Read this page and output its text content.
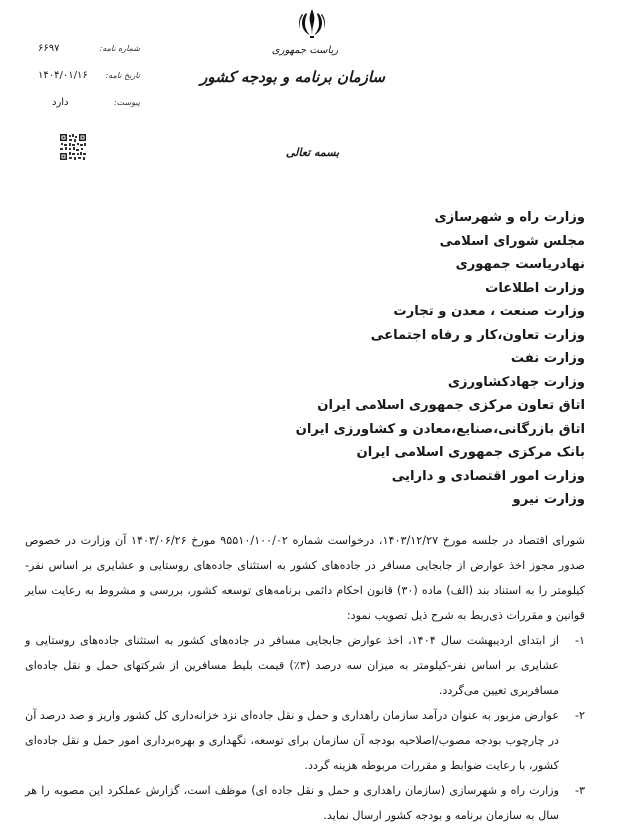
ریاست جمهوری
سازمان برنامه و بودجه کشور
۶۶۹۷	شماره نامه:
۱۴۰۴/۰۱/۱۶ تاریخ نامه:
دارد	پیوست:
بسمه تعالی
وزارت راه و شهرسازی
مجلس شورای اسلامی
نهادریاست جمهوری
وزارت اطلاعات
وزارت صنعت ، معدن و تجارت
وزارت تعاون،کار و رفاه اجتماعی
وزارت نفت
وزارت جهادکشاورزی
اتاق تعاون مرکزی جمهوری اسلامی ایران
اتاق بازرگانی،صنایع،معادن و کشاورزی ایران
بانک مرکزی جمهوری اسلامی ایران
وزارت امور اقتصادی و دارایی
وزارت نیرو

شورای اقتصاد در جلسه مورخ ۱۴۰۳/۱۲/۲۷، درخواست شماره ۹۵۵۱۰/۱۰۰/۰۲ مورخ ۱۴۰۳/۰۶/۲۶ آن وزارت در خصوص صدور مجوز اخذ عوارض از جابجایی مسافر در جاده‌های کشور به استثنای جاده‌های روستایی و عشایری بر اساس نفر-کیلومتر را به استناد بند (الف) ماده (۳۰) قانون احکام دائمی برنامه‌های توسعه کشور، بررسی و مشروط به رعایت سایر قوانین و مقررات ذی‌ربط به شرح ذیل تصویب نمود:

۱-
از ابتدای اردیبهشت سال ۱۴۰۴، اخذ عوارض جابجایی مسافر در جاده‌های کشور به استثنای جاده‌های روستایی و عشایری بر اساس نفر-کیلومتر به میزان سه درصد (۳٪) قیمت بلیط مسافرین از شرکتهای حمل و نقل جاده‌ای مسافربری تعیین می‌گردد.
۲-
عوارض مزبور به عنوان درآمد سازمان راهداری و حمل و نقل جاده‌ای نزد خزانه‌داری کل کشور واریز و صد درصد آن در چارچوب بودجه مصوب/اصلاحیه بودجه آن سازمان برای توسعه، نگهداری و بهره‌برداری امور حمل و نقل جاده‌ای کشور، با رعایت ضوابط و مقررات مربوطه هزینه گردد.
۳-
وزارت راه و شهرسازی (سازمان راهداری و حمل و نقل جاده ای) موظف است، گزارش عملکرد این مصوبه را هر سال به سازمان برنامه و بودجه کشور ارسال نماید.
